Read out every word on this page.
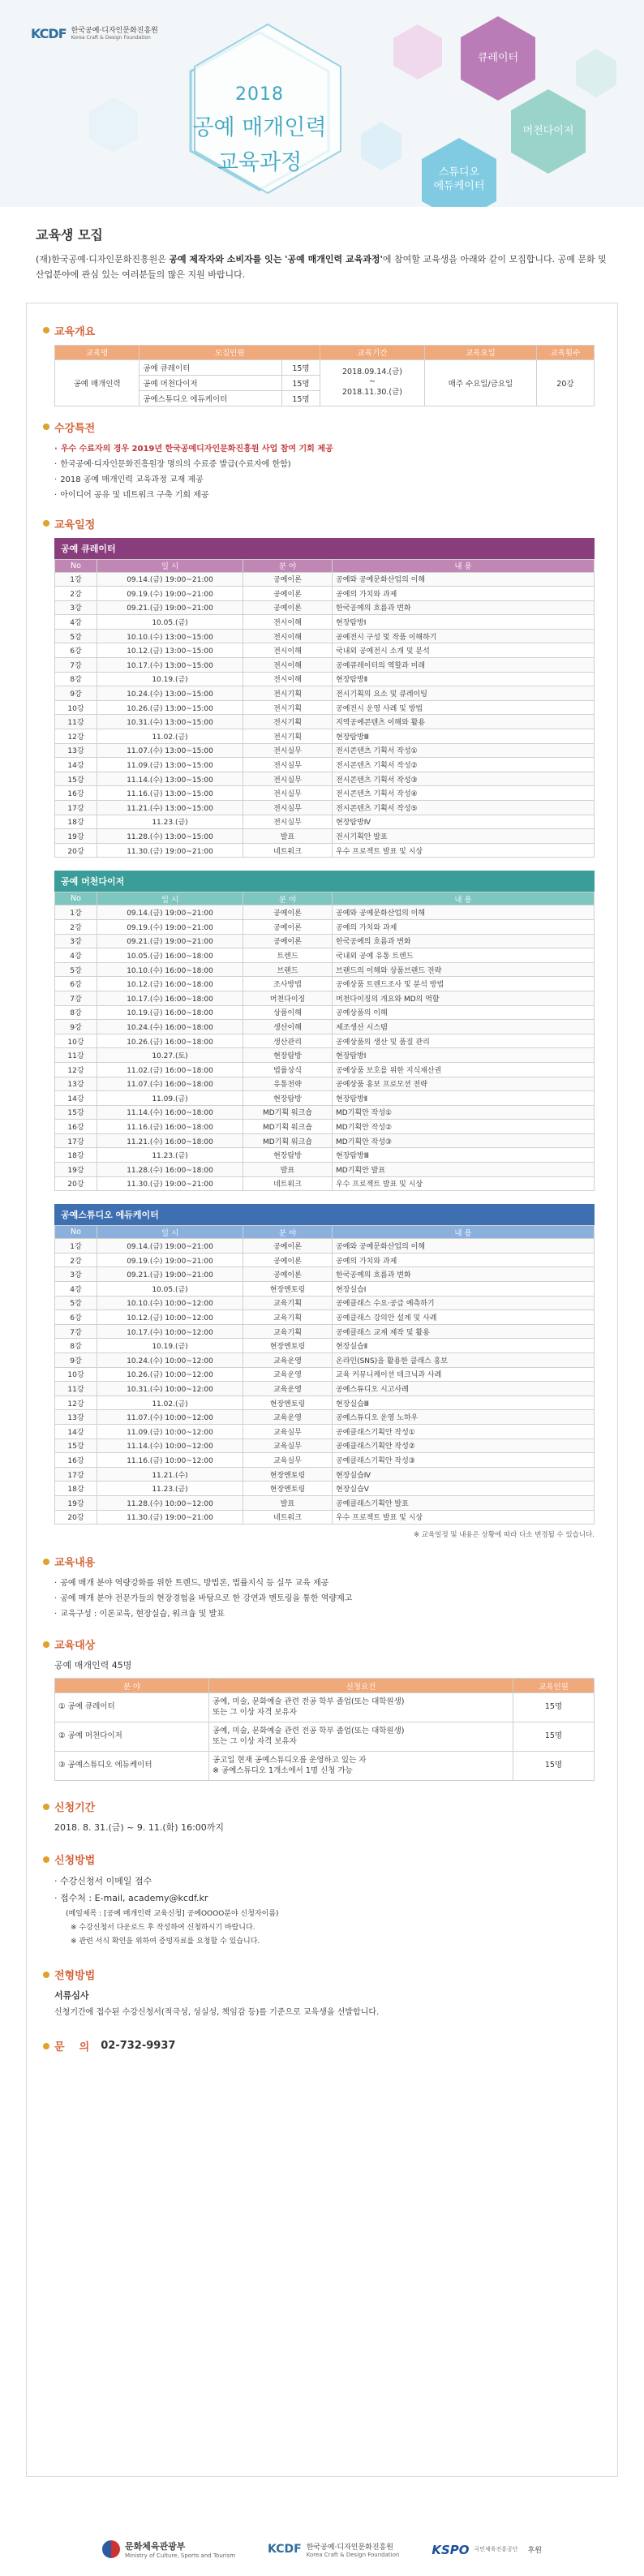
KCDF 한국공예·디자인문화진흥원
Korea Craft & Design Foundation
2018
공예 매개인력
교육과정
큐레이터
머천다이저
스튜디오
에듀케이터
교육생 모집
(재)한국공예·디자인문화진흥원은 공예 제작자와 소비자를 잇는 '공예 매개인력 교육과정'에 참여할 교육생을 아래와 같이 모집합니다. 공예 문화 및 산업분야에 관심 있는 여러분들의 많은 지원 바랍니다.
교육개요
교육명	모집인원		교육기간	교육요일	교육횟수
공예 매개인력	공예 큐레이터	15명	2018.09.14.(금)
~
2018.11.30.(금)	매주 수요일/금요일	20강
	공예 머천다이저	15명			
	공예스튜디오 에듀케이터	15명			
수강특전
· 우수 수료자의 경우 2019년 한국공예디자인문화진흥원 사업 참여 기회 제공
· 한국공예·디자인문화진흥원장 명의의 수료증 발급(수료자에 한함)
· 2018 공예 매개인력 교육과정 교재 제공
· 아이디어 공유 및 네트워크 구축 기회 제공
교육일정
공예 큐레이터
No	일 시	분 야	내 용
1강	09.14.(금) 19:00~21:00	공예이론	공예와 공예문화산업의 이해
2강	09.19.(수) 19:00~21:00	공예이론	공예의 가치와 과제
3강	09.21.(금) 19:00~21:00	공예이론	한국공예의 흐름과 변화
4강	10.05.(금)	전시이해	현장탐방Ⅰ
5강	10.10.(수) 13:00~15:00	전시이해	공예전시 구성 및 작품 이해하기
6강	10.12.(금) 13:00~15:00	전시이해	국내외 공예전시 소개 및 분석
7강	10.17.(수) 13:00~15:00	전시이해	공예큐레이터의 역할과 미래
8강	10.19.(금)	전시이해	현장탐방Ⅱ
9강	10.24.(수) 13:00~15:00	전시기획	전시기획의 요소 및 큐레이팅
10강	10.26.(금) 13:00~15:00	전시기획	공예전시 운영 사례 및 방법
11강	10.31.(수) 13:00~15:00	전시기획	지역공예콘텐츠 이해와 활용
12강	11.02.(금)	전시기획	현장탐방Ⅲ
13강	11.07.(수) 13:00~15:00	전시실무	전시콘텐츠 기획서 작성①
14강	11.09.(금) 13:00~15:00	전시실무	전시콘텐츠 기획서 작성②
15강	11.14.(수) 13:00~15:00	전시실무	전시콘텐츠 기획서 작성③
16강	11.16.(금) 13:00~15:00	전시실무	전시콘텐츠 기획서 작성④
17강	11.21.(수) 13:00~15:00	전시실무	전시콘텐츠 기획서 작성⑤
18강	11.23.(금)	전시실무	현장탐방Ⅳ
19강	11.28.(수) 13:00~15:00	발표	전시기획안 발표
20강	11.30.(금) 19:00~21:00	네트워크	우수 프로젝트 발표 및 시상
공예 머천다이저
No	일 시	분 야	내 용
1강	09.14.(금) 19:00~21:00	공예이론	공예와 공예문화산업의 이해
2강	09.19.(수) 19:00~21:00	공예이론	공예의 가치와 과제
3강	09.21.(금) 19:00~21:00	공예이론	한국공예의 흐름과 변화
4강	10.05.(금) 16:00~18:00	트렌드	국내외 공예 유통 트렌드
5강	10.10.(수) 16:00~18:00	브랜드	브랜드의 이해와 상품브랜드 전략
6강	10.12.(금) 16:00~18:00	조사방법	공예상품 트렌드조사 및 분석 방법
7강	10.17.(수) 16:00~18:00	머천다이징	머천다이징의 개요와 MD의 역할
8강	10.19.(금) 16:00~18:00	상품이해	공예상품의 이해
9강	10.24.(수) 16:00~18:00	생산이해	제조생산 시스템
10강	10.26.(금) 16:00~18:00	생산관리	공예상품의 생산 및 품질 관리
11강	10.27.(토)	현장탐방	현장탐방Ⅰ
12강	11.02.(금) 16:00~18:00	법률상식	공예상품 보호를 위한 지식재산권
13강	11.07.(수) 16:00~18:00	유통전략	공예상품 홍보 프로모션 전략
14강	11.09.(금)	현장탐방	현장탐방Ⅱ
15강	11.14.(수) 16:00~18:00	MD기획 워크숍	MD기획안 작성①
16강	11.16.(금) 16:00~18:00	MD기획 워크숍	MD기획안 작성②
17강	11.21.(수) 16:00~18:00	MD기획 워크숍	MD기획안 작성③
18강	11.23.(금)	현장탐방	현장탐방Ⅲ
19강	11.28.(수) 16:00~18:00	발표	MD기획안 발표
20강	11.30.(금) 19:00~21:00	네트워크	우수 프로젝트 발표 및 시상
공예스튜디오 에듀케이터
No	일 시	분 야	내 용
1강	09.14.(금) 19:00~21:00	공예이론	공예와 공예문화산업의 이해
2강	09.19.(수) 19:00~21:00	공예이론	공예의 가치와 과제
3강	09.21.(금) 19:00~21:00	공예이론	한국공예의 흐름과 변화
4강	10.05.(금)	현장멘토링	현장실습Ⅰ
5강	10.10.(수) 10:00~12:00	교육기획	공예클래스 수요·공급 예측하기
6강	10.12.(금) 10:00~12:00	교육기획	공예클래스 강의안 설계 및 사례
7강	10.17.(수) 10:00~12:00	교육기획	공예클래스 교재 제작 및 활용
8강	10.19.(금)	현장멘토링	현장실습Ⅱ
9강	10.24.(수) 10:00~12:00	교육운영	온라인(SNS)을 활용한 클래스 홍보
10강	10.26.(금) 10:00~12:00	교육운영	교육 커뮤니케이션 테크닉과 사례
11강	10.31.(수) 10:00~12:00	교육운영	공예스튜디오 시고사례
12강	11.02.(금)	현장멘토링	현장실습Ⅲ
13강	11.07.(수) 10:00~12:00	교육운영	공예스튜디오 운영 노하우
14강	11.09.(금) 10:00~12:00	교육실무	공예클래스기획안 작성①
15강	11.14.(수) 10:00~12:00	교육실무	공예클래스기획안 작성②
16강	11.16.(금) 10:00~12:00	교육실무	공예클래스기획안 작성③
17강	11.21.(수)	현장멘토링	현장실습Ⅳ
18강	11.23.(금)	현장멘토링	현장실습Ⅴ
19강	11.28.(수) 10:00~12:00	발표	공예클래스기획안 발표
20강	11.30.(금) 19:00~21:00	네트워크	우수 프로젝트 발표 및 시상
※ 교육일정 및 내용은 상황에 따라 다소 변경될 수 있습니다.
교육내용
· 공예 매개 분야 역량강화를 위한 트렌드, 방법론, 법률지식 등 실무 교육 제공
· 공예 매개 분야 전문가들의 현장경험을 바탕으로 한 강연과 멘토링을 통한 역량제고
· 교육구성 : 이론교육, 현장실습, 워크숍 및 발표
교육대상
공예 매개인력 45명
분 야	신청요건	교육인원
① 공예 큐레이터	공예, 미술, 문화예술 관련 전공 학부 졸업(또는 대학원생)
또는 그 이상 자격 보유자	15명
② 공예 머천다이저	공예, 미술, 문화예술 관련 전공 학부 졸업(또는 대학원생)
또는 그 이상 자격 보유자	15명
③ 공예스튜디오 에듀케이터	공고일 현재 공예스튜디오를 운영하고 있는 자
※ 공예스튜디오 1개소에서 1명 신청 가능	15명
신청기간
2018. 8. 31.(금) ~ 9. 11.(화) 16:00까지
신청방법
· 수강신청서 이메일 접수
· 접수처 : E-mail, academy@kcdf.kr
(메일제목 : [공예 매개인력 교육신청] 공예OOOO분야 신청자이름)
※ 수강신청서 다운로드 후 작성하여 신청하시기 바랍니다.
※ 관련 서식 확인을 위하여 증빙자료를 요청할 수 있습니다.
전형방법
서류심사
신청기간에 접수된 수강신청서(적극성, 성실성, 책임감 등)를 기준으로 교육생을 선발합니다.
문    의 02-732-9937
문화체육관광부
Ministry of Culture, Sports and Tourism	KCDF 한국공예·디자인문화진흥원
Korea Craft & Design Foundation	KSPO 국민체육진흥공단 후원
